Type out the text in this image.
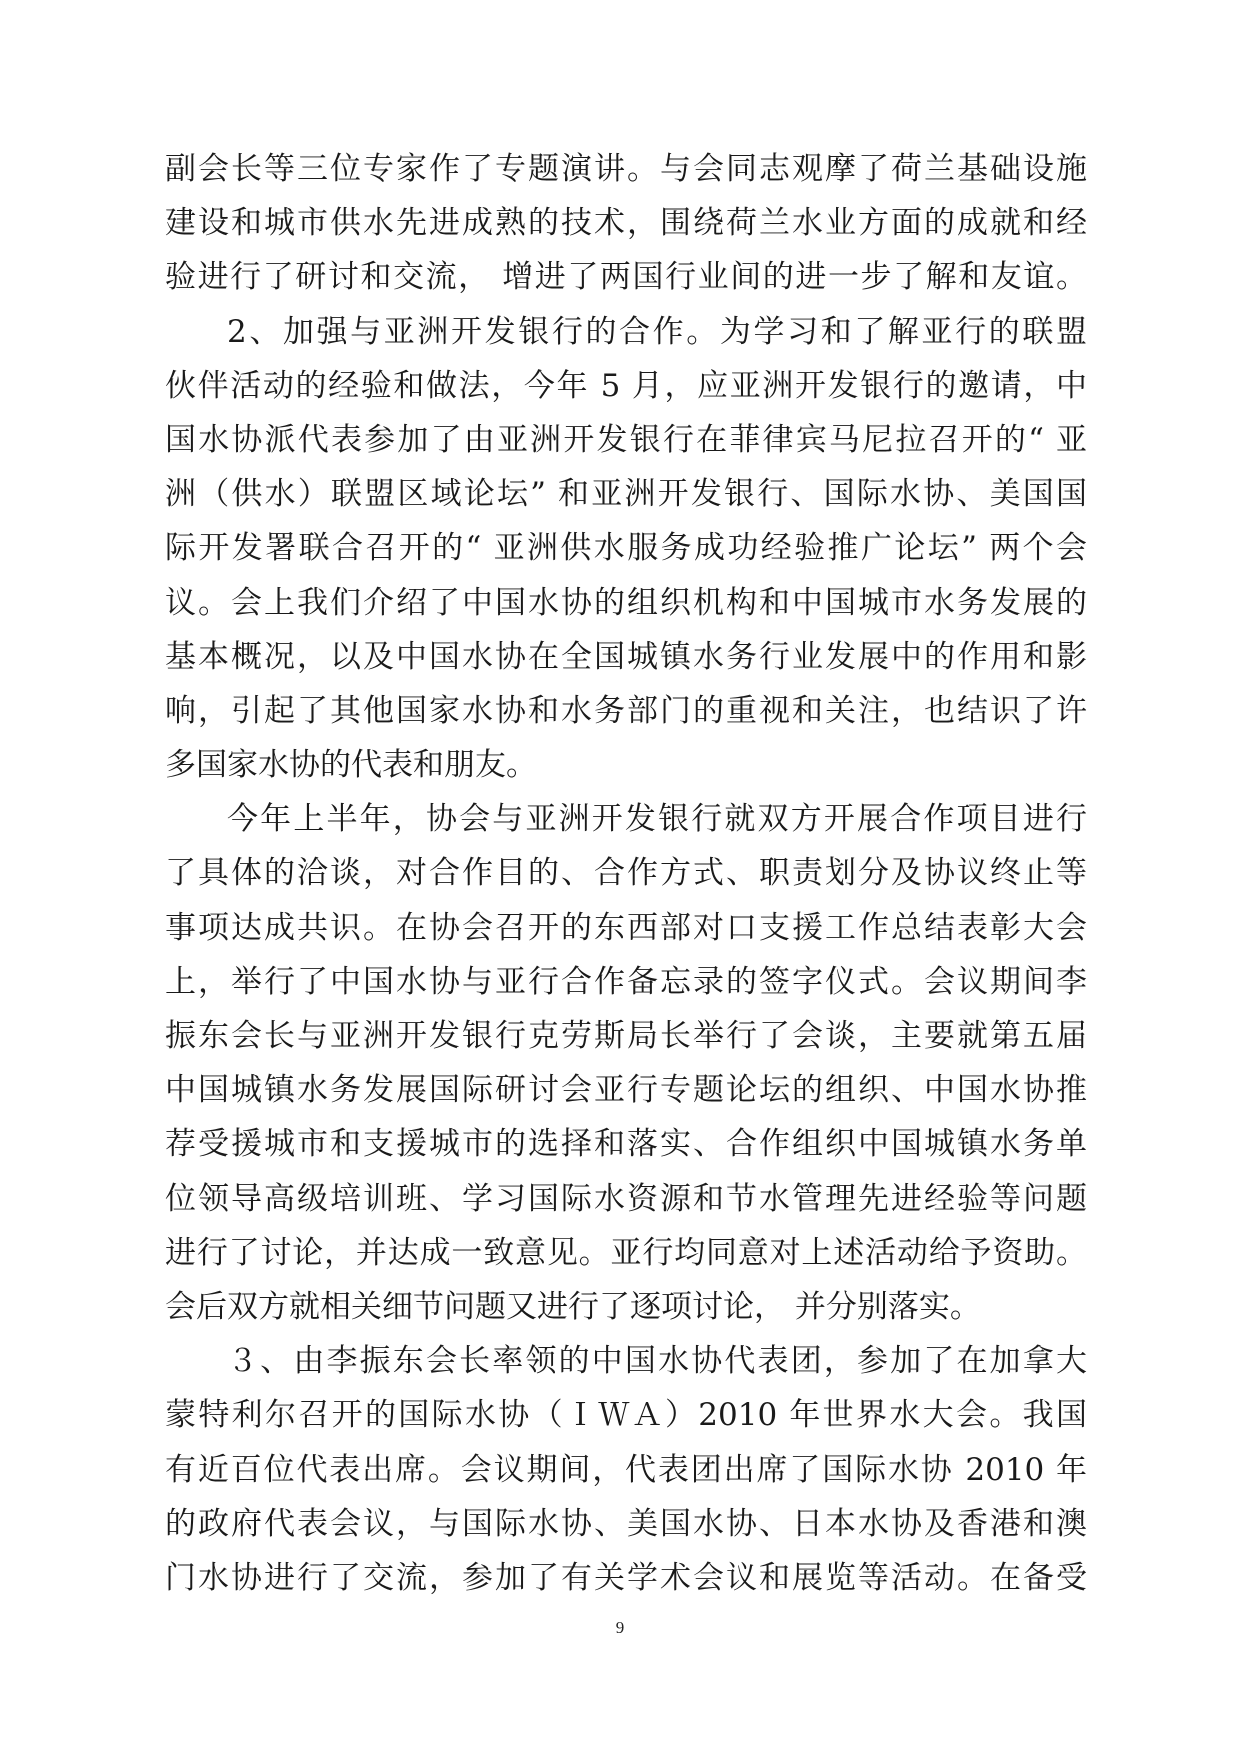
副会长等三位专家作了专题演讲。与会同志观摩了荷兰基础设施
建设和城市供水先进成熟的技术，围绕荷兰水业方面的成就和经
验进行了研讨和交流， 增进了两国行业间的进一步了解和友谊。
2、加强与亚洲开发银行的合作。为学习和了解亚行的联盟
伙伴活动的经验和做法，今年 5 月，应亚洲开发银行的邀请，中
国水协派代表参加了由亚洲开发银行在菲律宾马尼拉召开的“ 亚
洲（供水）联盟区域论坛” 和亚洲开发银行、国际水协、美国国
际开发署联合召开的“ 亚洲供水服务成功经验推广论坛” 两个会
议。会上我们介绍了中国水协的组织机构和中国城市水务发展的
基本概况，以及中国水协在全国城镇水务行业发展中的作用和影
响，引起了其他国家水协和水务部门的重视和关注，也结识了许
多国家水协的代表和朋友。
今年上半年，协会与亚洲开发银行就双方开展合作项目进行
了具体的洽谈，对合作目的、合作方式、职责划分及协议终止等
事项达成共识。在协会召开的东西部对口支援工作总结表彰大会
上，举行了中国水协与亚行合作备忘录的签字仪式。会议期间李
振东会长与亚洲开发银行克劳斯局长举行了会谈，主要就第五届
中国城镇水务发展国际研讨会亚行专题论坛的组织、中国水协推
荐受援城市和支援城市的选择和落实、合作组织中国城镇水务单
位领导高级培训班、学习国际水资源和节水管理先进经验等问题
进行了讨论，并达成一致意见。亚行均同意对上述活动给予资助。
会后双方就相关细节问题又进行了逐项讨论， 并分别落实。
３、由李振东会长率领的中国水协代表团，参加了在加拿大
蒙特利尔召开的国际水协（ＩＷＡ）2010 年世界水大会。我国
有近百位代表出席。会议期间，代表团出席了国际水协 2010 年
的政府代表会议，与国际水协、美国水协、日本水协及香港和澳
门水协进行了交流，参加了有关学术会议和展览等活动。在备受
9
